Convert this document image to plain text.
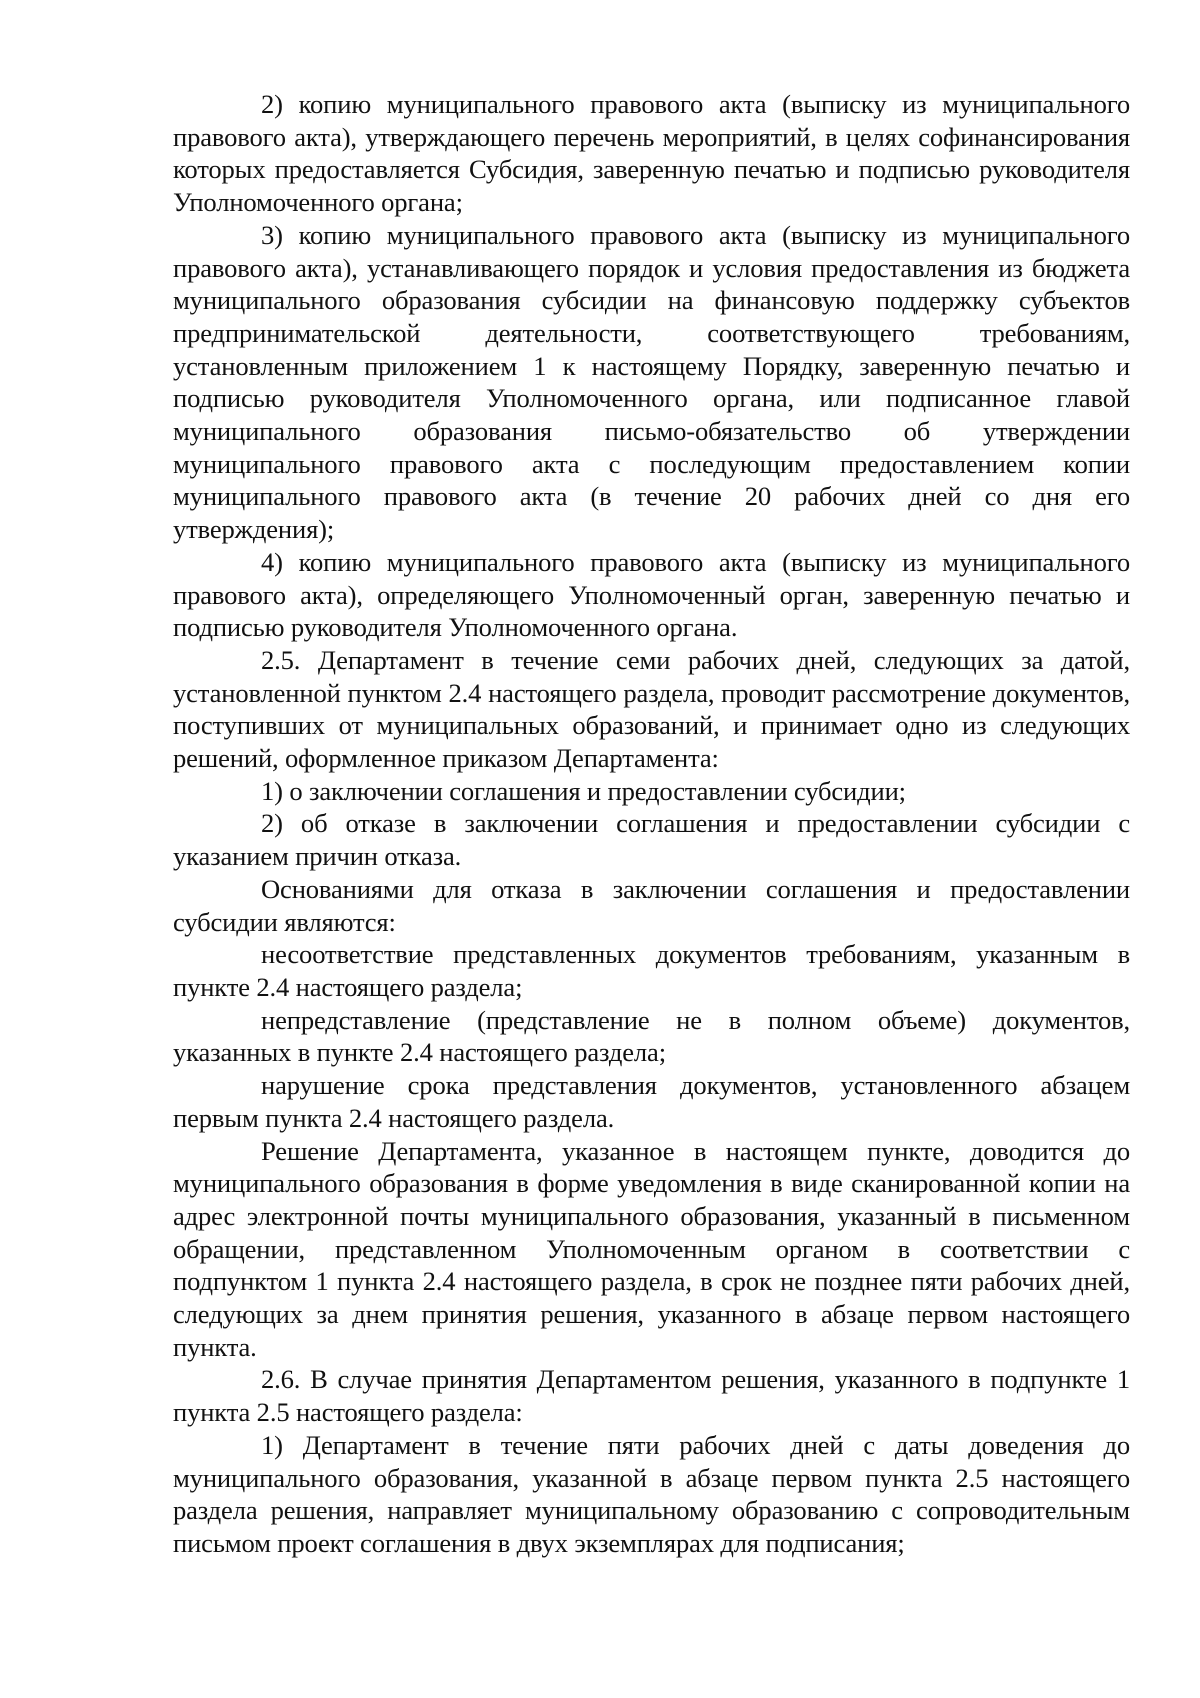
2) копию муниципального правового акта (выписку из муниципального правового акта), утверждающего перечень мероприятий, в целях софинансирования которых предоставляется Субсидия, заверенную печатью и подписью руководителя Уполномоченного органа;

3) копию муниципального правового акта (выписку из муниципального правового акта), устанавливающего порядок и условия предоставления из бюджета муниципального образования субсидии на финансовую поддержку субъектов предпринимательской деятельности, соответствующего требованиям, установленным приложением 1 к настоящему Порядку, заверенную печатью и подписью руководителя Уполномоченного органа, или подписанное главой муниципального образования письмо-обязательство об утверждении муниципального правового акта с последующим предоставлением копии муниципального правового акта (в течение 20 рабочих дней со дня его утверждения);

4) копию муниципального правового акта (выписку из муниципального правового акта), определяющего Уполномоченный орган, заверенную печатью и подписью руководителя Уполномоченного органа.

2.5. Департамент в течение семи рабочих дней, следующих за датой, установленной пунктом 2.4 настоящего раздела, проводит рассмотрение документов, поступивших от муниципальных образований, и принимает одно из следующих решений, оформленное приказом Департамента:

1) о заключении соглашения и предоставлении субсидии;

2) об отказе в заключении соглашения и предоставлении субсидии с указанием причин отказа.

Основаниями для отказа в заключении соглашения и предоставлении субсидии являются:

несоответствие представленных документов требованиям, указанным в пункте 2.4 настоящего раздела;

непредставление (представление не в полном объеме) документов, указанных в пункте 2.4 настоящего раздела;

нарушение срока представления документов, установленного абзацем первым пункта 2.4 настоящего раздела.

Решение Департамента, указанное в настоящем пункте, доводится до муниципального образования в форме уведомления в виде сканированной копии на адрес электронной почты муниципального образования, указанный в письменном обращении, представленном Уполномоченным органом в соответствии с подпунктом 1 пункта 2.4 настоящего раздела, в срок не позднее пяти рабочих дней, следующих за днем принятия решения, указанного в абзаце первом настоящего пункта.

2.6. В случае принятия Департаментом решения, указанного в подпункте 1 пункта 2.5 настоящего раздела:

1) Департамент в течение пяти рабочих дней с даты доведения до муниципального образования, указанной в абзаце первом пункта 2.5 настоящего раздела решения, направляет муниципальному образованию с сопроводительным письмом проект соглашения в двух экземплярах для подписания;
